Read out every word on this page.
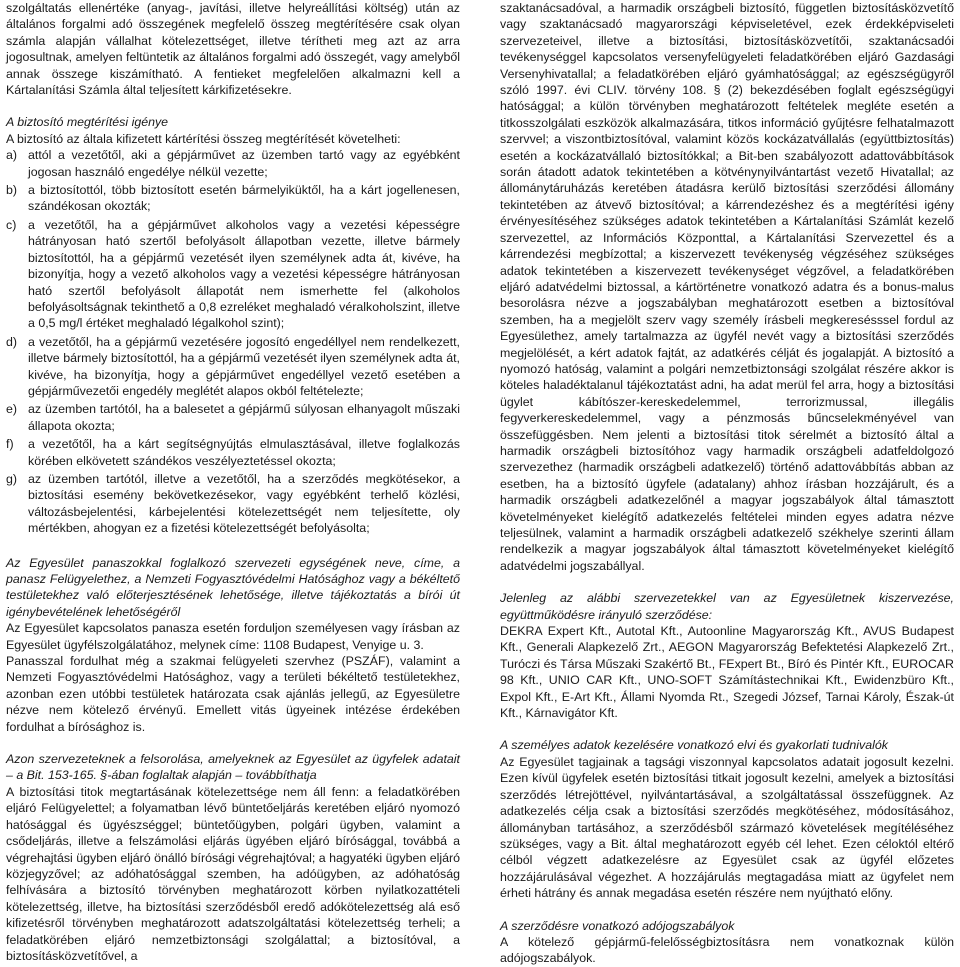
szolgáltatás ellenértéke (anyag-, javítási, illetve helyreállítási költség) után az általános forgalmi adó összegének megfelelő összeg megtérítésére csak olyan számla alapján vállalhat kötelezettséget, illetve térítheti meg azt az arra jogosultnak, amelyen feltüntetik az általános forgalmi adó összegét, vagy amelyből annak összege kiszámítható. A fentieket megfelelően alkalmazni kell a Kártalanítási Számla által teljesített kárkifizetésekre.

A biztosító megtérítési igénye

A biztosító az általa kifizetett kártérítési összeg megtérítését követelheti:

a) attól a vezetőtől, aki a gépjárművet az üzemben tartó vagy az egyébként jogosan használó engedélye nélkül vezette;
b) a biztosítottól, több biztosított esetén bármelyiküktől, ha a kárt jogellenesen, szándékosan okozták;
c) a vezetőtől, ha a gépjárművet alkoholos vagy a vezetési képességre hátrányosan ható szertől befolyásolt állapotban vezette, illetve bármely biztosítottól, ha a gépjármű vezetését ilyen személynek adta át, kivéve, ha bizonyítja, hogy a vezető alkoholos vagy a vezetési képességre hátrányosan ható szertől befolyásolt állapotát nem ismerhette fel (alkoholos befolyásoltságnak tekinthető a 0,8 ezreléket meghaladó véralkoholszint, illetve a 0,5 mg/l értéket meghaladó légalkohol szint);
d) a vezetőtől, ha a gépjármű vezetésére jogosító engedéllyel nem rendelkezett, illetve bármely biztosítottól, ha a gépjármű vezetését ilyen személynek adta át, kivéve, ha bizonyítja, hogy a gépjárművet engedéllyel vezető esetében a gépjárművezetői engedély meglétét alapos okból feltételezte;
e) az üzemben tartótól, ha a balesetet a gépjármű súlyosan elhanyagolt műszaki állapota okozta;
f)	a vezetőtől, ha a kárt segítségnyújtás elmulasztásával, illetve foglalkozás körében elkövetett szándékos veszélyeztetéssel okozta;
g) az üzemben tartótól, illetve a vezetőtől, ha a szerződés megkötésekor, a biztosítási esemény bekövetkezésekor, vagy egyébként terhelő közlési, változásbejelentési, kárbejelentési kötelezettségét nem teljesítette, oly mértékben, ahogyan ez a fizetési kötelezettségét befolyásolta;

Az Egyesület panaszokkal foglalkozó szervezeti egységének neve, címe, a panasz Felügyelethez, a Nemzeti Fogyasztóvédelmi Hatósághoz vagy a békéltető testületekhez való előterjesztésének lehetősége, illetve tájékoztatás a bírói út igénybevételének lehetőségéről

Az Egyesület kapcsolatos panasza esetén forduljon személyesen vagy írásban az Egyesület ügyfélszolgálatához, melynek címe: 1108 Budapest, Venyige u. 3.

Panasszal fordulhat még a szakmai felügyeleti szervhez (PSZÁF), valamint a Nemzeti Fogyasztóvédelmi Hatósághoz, vagy a területi békéltető testületekhez, azonban ezen utóbbi testületek határozata csak ajánlás jellegű, az Egyesületre nézve nem kötelező érvényű. Emellett vitás ügyeinek intézése érdekében fordulhat a bírósághoz is.

Azon szervezeteknek a felsorolása, amelyeknek az Egyesület az ügyfelek adatait – a Bit. 153-165. §-ában foglaltak alapján – továbbíthatja

A biztosítási titok megtartásának kötelezettsége nem áll fenn: a feladatkörében eljáró Felügyelettel; a folyamatban lévő büntetőeljárás keretében eljáró nyomozó hatósággal és ügyészséggel; büntetőügyben, polgári ügyben, valamint a csődeljárás, illetve a felszámolási eljárás ügyében eljáró bírósággal, továbbá a végrehajtási ügyben eljáró önálló bírósági végrehajtóval; a hagyatéki ügyben eljáró közjegyzővel; az adóhatósággal szemben, ha adóügyben, az adóhatóság felhívására a biztosító törvényben meghatározott körben nyilatkozattételi kötelezettség, illetve, ha biztosítási szerződésből eredő adókötelezettség alá eső kifizetésről törvényben meghatározott adatszolgáltatási kötelezettség terheli; a feladatkörében eljáró nemzetbiztonsági szolgálattal; a biztosítóval, a biztosításközvetítővel, a

szaktanácsadóval, a harmadik országbeli biztosító, független biztosításközvetítő vagy szaktanácsadó magyarországi képviseletével, ezek érdekképviseleti szervezeteivel, illetve a biztosítási, biztosításközvetítői, szaktanácsadói tevékenységgel kapcsolatos versenyfelügyeleti feladatkörében eljáró Gazdasági Versenyhivatallal; a feladatkörében eljáró gyámhatósággal; az egészségügyről szóló 1997. évi CLIV. törvény 108. § (2) bekezdésében foglalt egészségügyi hatósággal; a külön törvényben meghatározott feltételek megléte esetén a titkosszolgálati eszközök alkalmazására, titkos információ gyűjtésre felhatalmazott szervvel; a viszontbiztosítóval, valamint közös kockázatvállalás (együttbiztosítás) esetén a kockázatvállaló biztosítókkal; a Bit-ben szabályozott adattovábbítások során átadott adatok tekintetében a kötvénynyilvántartást vezető Hivatallal; az állománytáruházás keretében átadásra kerülő biztosítási szerződési állomány tekintetében az átvevő biztosítóval; a kárrendezéshez és a megtérítési igény érvényesítéséhez szükséges adatok tekintetében a Kártalanítási Számlát kezelő szervezettel, az Információs Központtal, a Kártalanítási Szervezettel és a kárrendezési megbízottal; a kiszervezett tevékenység végzéséhez szükséges adatok tekintetében a kiszervezett tevékenységet végzővel, a feladatkörében eljáró adatvédelmi biztossal, a kártörténetre vonatkozó adatra és a bonus-malus besorolásra nézve a jogszabályban meghatározott esetben a biztosítóval szemben, ha a megjelölt szerv vagy személy írásbeli megkeresésssel fordul az Egyesülethez, amely tartalmazza az ügyfél nevét vagy a biztosítási szerződés megjelölését, a kért adatok fajtát, az adatkérés célját és jogalapját. A biztosító a nyomozó hatóság, valamint a polgári nemzetbiztonsági szolgálat részére akkor is köteles haladéktalanul tájékoztatást adni, ha adat merül fel arra, hogy a biztosítási ügylet kábítószer-kereskedelemmel, terrorizmussal, illegális fegyverkereskedelemmel, vagy a pénzmosás bűncselekményével van összefüggésben. Nem jelenti a biztosítási titok sérelmét a biztosító által a harmadik országbeli biztosítóhoz vagy harmadik országbeli adatfeldolgozó szervezethez (harmadik országbeli adatkezelő) történő adattovábbítás abban az esetben, ha a biztosító ügyfele (adatalany) ahhoz írásban hozzájárult, és a harmadik országbeli adatkezelőnél a magyar jogszabályok által támasztott követelményeket kielégítő adatkezelés feltételei minden egyes adatra nézve teljesülnek, valamint a harmadik országbeli adatkezelő székhelye szerinti állam rendelkezik a magyar jogszabályok által támasztott követelményeket kielégítő adatvédelmi jogszabállyal.

Jelenleg az alábbi szervezetekkel van az Egyesületnek kiszervezése, együttműködésre irányuló szerződése:

DEKRA Expert Kft., Autotal Kft., Autoonline Magyarország Kft., AVUS Budapest Kft., Generali Alapkezelő Zrt., AEGON Magyarország Befektetési Alapkezelő Zrt., Turóczi és Társa Műszaki Szakértő Bt., FExpert Bt., Bíró és Pintér Kft., EUROCAR 98 Kft., UNIO CAR Kft., UNO-SOFT Számítástechnikai Kft., Ewidenzbüro Kft., Expol Kft., E-Art Kft., Állami Nyomda Rt., Szegedi József, Tarnai Károly, Észak-út Kft., Kárnavigátor Kft.

A személyes adatok kezelésére vonatkozó elvi és gyakorlati tudnivalók

Az Egyesület tagjainak a tagsági viszonnyal kapcsolatos adatait jogosult kezelni. Ezen kívül ügyfelek esetén biztosítási titkait jogosult kezelni, amelyek a biztosítási szerződés létrejöttével, nyilvántartásával, a szolgáltatással összefüggnek. Az adatkezelés célja csak a biztosítási szerződés megkötéséhez, módosításához, állományban tartásához, a szerződésből származó követelések megítéléséhez szükséges, vagy a Bit. által meghatározott egyéb cél lehet. Ezen céloktól eltérő célból végzett adatkezelésre az Egyesület csak az ügyfél előzetes hozzájárulásával végezhet. A hozzájárulás megtagadása miatt az ügyfelet nem érheti hátrány és annak megadása esetén részére nem nyújtható előny.

A szerződésre vonatkozó adójogszabályok

A kötelező gépjármű-felelősségbiztosításra nem vonatkoznak külön adójogszabályok.
